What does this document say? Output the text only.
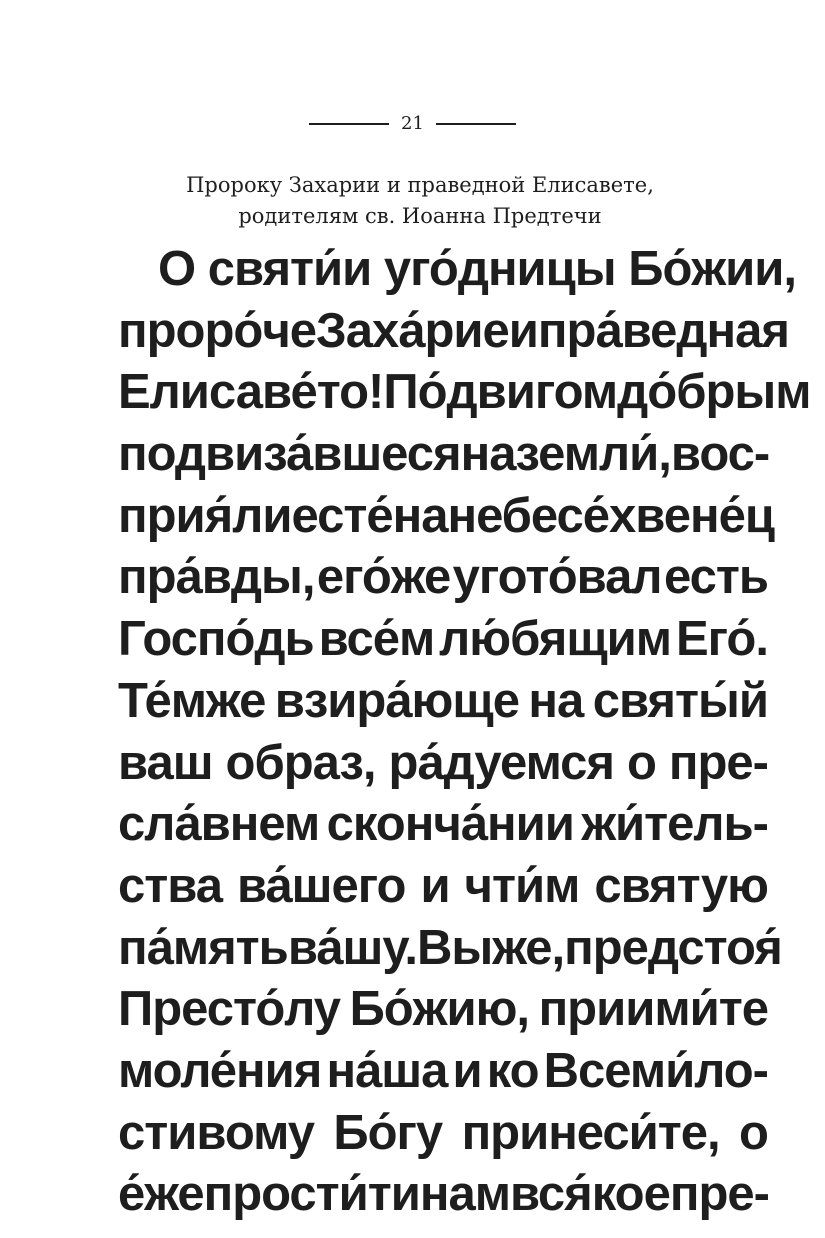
21
Пророку Захарии и праведной Елисавете,
родителям св. Иоанна Предтечи
О святи́и уго́дницы Бо́жии,
проро́че Заха́рие и пра́ведная
Елисаве́то! По́двигом до́брым
подвиза́вшеся на земли́, вос-
прия́ли есте́ на небесе́х вене́ц
пра́вды, его́же угото́вал есть
Госпо́дь все́м лю́бящим Его́.
Те́мже взира́юще на святы́й
ваш образ, ра́дуемся о пре-
сла́внем сконча́нии жи́тель-
ства ва́шего и чти́м святую
па́мять ва́шу. Вы же, предстоя́
Престо́лу Бо́жию, приими́те
моле́ния на́ша и ко Всеми́ло-
стивому Бо́гу принеси́те, о
е́же прости́ти нам вся́кое пре-
